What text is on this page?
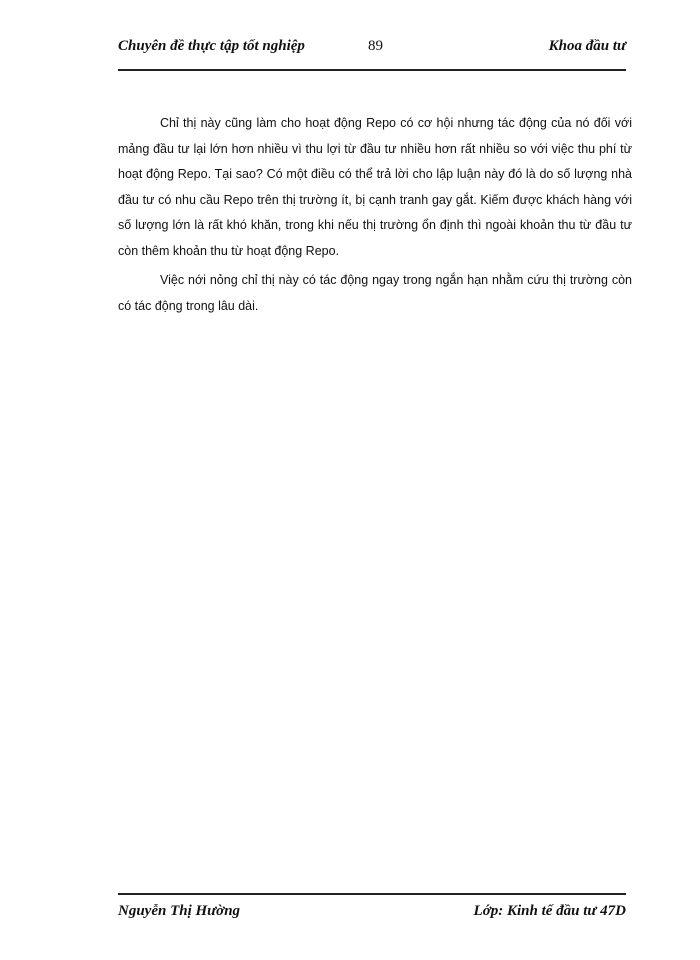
Chuyên đề thực tập tốt nghiệp	89	Khoa đầu tư

Chỉ thị này cũng làm cho hoạt động Repo có cơ hội nhưng tác động của nó đối với mảng đầu tư lại lớn hơn nhiều vì thu lợi từ đầu tư nhiều hơn rất nhiều so với việc thu phí từ hoạt động Repo. Tại sao? Có một điều có thể trả lời cho lập luận này đó là do số lượng nhà đầu tư có nhu cầu Repo trên thị trường ít, bị cạnh tranh gay gắt. Kiếm được khách hàng với số lượng lớn là rất khó khăn, trong khi nếu thị trường ổn định thì ngoài khoản thu từ đầu tư còn thêm khoản thu từ hoạt động Repo.

Việc nới nỏng chỉ thị này có tác động ngay trong ngắn hạn nhằm cứu thị trường còn có tác động trong lâu dài.

Nguyễn Thị Hường	Lớp: Kinh tế đầu tư 47D
